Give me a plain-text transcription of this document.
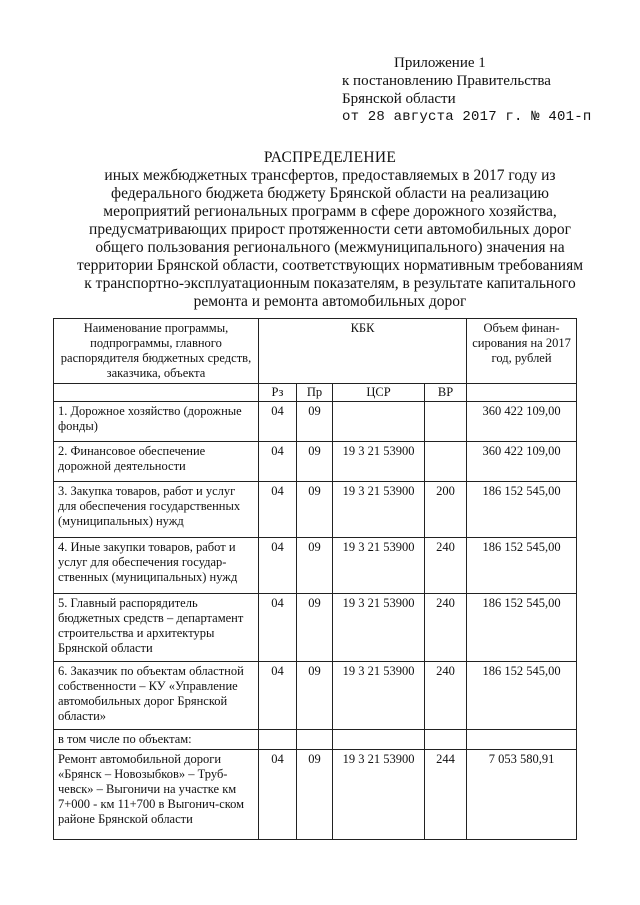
Приложение 1
к постановлению Правительства
Брянской области
от 28 августа 2017 г. № 401-п
РАСПРЕДЕЛЕНИЕ
иных межбюджетных трансфертов, предоставляемых в 2017 году из
федерального бюджета бюджету Брянской области на реализацию
мероприятий региональных программ в сфере дорожного хозяйства,
предусматривающих прирост протяженности сети автомобильных дорог
общего пользования регионального (межмуниципального) значения на
территории Брянской области, соответствующих нормативным требованиям
к транспортно-эксплуатационным показателям, в результате капитального
ремонта и ремонта автомобильных дорог
Наименование программы, подпрограммы, главного распорядителя бюджетных средств, заказчика, объекта	КБК				Объем финан-сирования на 2017 год, рублей
	Рз	Пр	ЦСР	ВР	
1. Дорожное хозяйство (дорожные фонды)	04	09			360 422 109,00
2. Финансовое обеспечение дорожной деятельности	04	09	19 3 21 53900		360 422 109,00
3. Закупка товаров, работ и услуг для обеспечения государственных (муниципальных) нужд	04	09	19 3 21 53900	200	186 152 545,00
4. Иные закупки товаров, работ и услуг для обеспечения государ-ственных (муниципальных) нужд	04	09	19 3 21 53900	240	186 152 545,00
5. Главный распорядитель бюджетных средств – департамент строительства и архитектуры Брянской области	04	09	19 3 21 53900	240	186 152 545,00
6. Заказчик по объектам областной собственности – КУ «Управление автомобильных дорог Брянской области»	04	09	19 3 21 53900	240	186 152 545,00
в том числе по объектам:					
Ремонт автомобильной дороги «Брянск – Новозыбков» – Труб-чевск» – Выгоничи на участке км 7+000 - км 11+700 в Выгонич-ском районе Брянской области	04	09	19 3 21 53900	244	7 053 580,91
